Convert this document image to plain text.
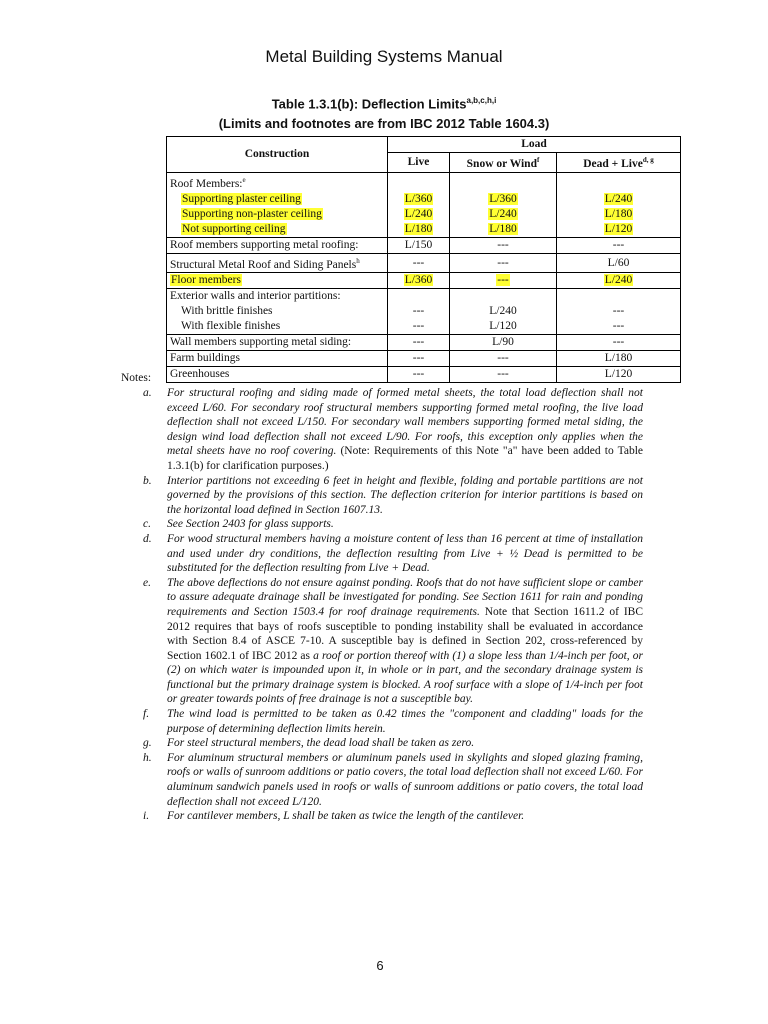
Metal Building Systems Manual
Table 1.3.1(b): Deflection Limits$^{a,b,c,h,i}$
(Limits and footnotes are from IBC 2012 Table 1604.3)
Construction	Load		
	Live	Snow or Wind$^f$	Dead + Live$^{d, g}$
Roof Members:$^e$			
Supporting plaster ceiling	L/360	L/360	L/240
Supporting non-plaster ceiling	L/240	L/240	L/180
Not supporting ceiling	L/180	L/180	L/120
Roof members supporting metal roofing:	L/150	---	---
Structural Metal Roof and Siding Panels$^h$	---	---	L/60
Floor members	L/360	---	L/240
Exterior walls and interior partitions:			
With brittle finishes	---	L/240	---
With flexible finishes	---	L/120	---
Wall members supporting metal siding:	---	L/90	---
Farm buildings	---	---	L/180
Greenhouses	---	---	L/120
Notes:
a.	For structural roofing and siding made of formed metal sheets, the total load deflection shall not exceed L/60. For secondary roof structural members supporting formed metal roofing, the live load deflection shall not exceed L/150. For secondary wall members supporting formed metal siding, the design wind load deflection shall not exceed L/90. For roofs, this exception only applies when the metal sheets have no roof covering. (Note: Requirements of this Note "a" have been added to Table 1.3.1(b) for clarification purposes.)
b.	Interior partitions not exceeding 6 feet in height and flexible, folding and portable partitions are not governed by the provisions of this section. The deflection criterion for interior partitions is based on the horizontal load defined in Section 1607.13.
c.	See Section 2403 for glass supports.
d.	For wood structural members having a moisture content of less than 16 percent at time of installation and used under dry conditions, the deflection resulting from Live + ½ Dead is permitted to be substituted for the deflection resulting from Live + Dead.
e.	The above deflections do not ensure against ponding. Roofs that do not have sufficient slope or camber to assure adequate drainage shall be investigated for ponding. See Section 1611 for rain and ponding requirements and Section 1503.4 for roof drainage requirements. Note that Section 1611.2 of IBC 2012 requires that bays of roofs susceptible to ponding instability shall be evaluated in accordance with Section 8.4 of ASCE 7-10. A susceptible bay is defined in Section 202, cross-referenced by Section 1602.1 of IBC 2012 as a roof or portion thereof with (1) a slope less than 1/4-inch per foot, or (2) on which water is impounded upon it, in whole or in part, and the secondary drainage system is functional but the primary drainage system is blocked. A roof surface with a slope of 1/4-inch per foot or greater towards points of free drainage is not a susceptible bay.
f.	The wind load is permitted to be taken as 0.42 times the "component and cladding" loads for the purpose of determining deflection limits herein.
g.	For steel structural members, the dead load shall be taken as zero.
h.	For aluminum structural members or aluminum panels used in skylights and sloped glazing framing, roofs or walls of sunroom additions or patio covers, the total load deflection shall not exceed L/60. For aluminum sandwich panels used in roofs or walls of sunroom additions or patio covers, the total load deflection shall not exceed L/120.
i.	For cantilever members, L shall be taken as twice the length of the cantilever.
6
